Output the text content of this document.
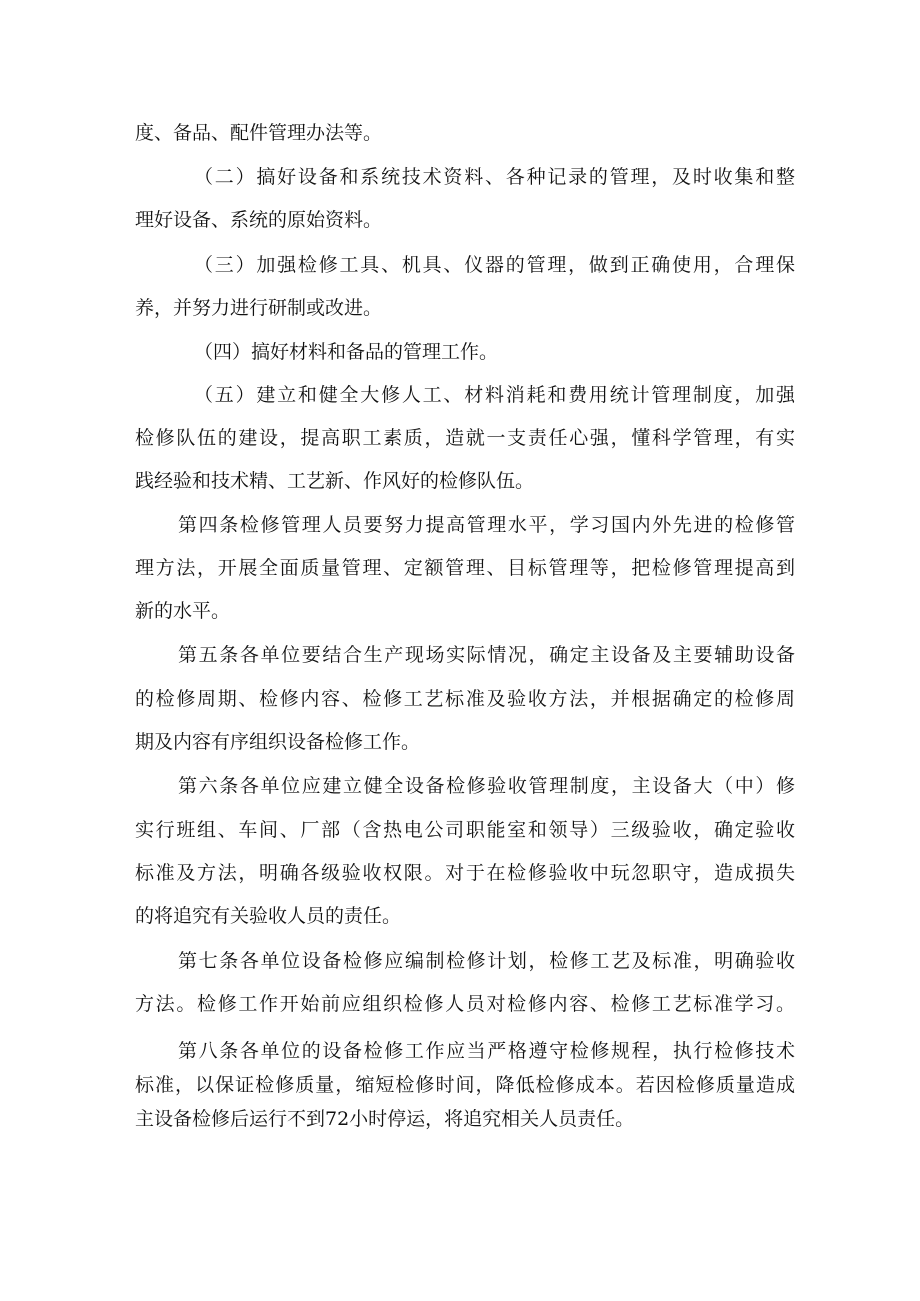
度、备品、配件管理办法等。
（二）搞好设备和系统技术资料、各种记录的管理，及时收集和整
理好设备、系统的原始资料。
（三）加强检修工具、机具、仪器的管理，做到正确使用，合理保
养，并努力进行研制或改进。
（四）搞好材料和备品的管理工作。
（五）建立和健全大修人工、材料消耗和费用统计管理制度，加强
检修队伍的建设，提高职工素质，造就一支责任心强，懂科学管理，有实
践经验和技术精、工艺新、作风好的检修队伍。
第四条检修管理人员要努力提高管理水平，学习国内外先进的检修管
理方法，开展全面质量管理、定额管理、目标管理等，把检修管理提高到
新的水平。
第五条各单位要结合生产现场实际情况，确定主设备及主要辅助设备
的检修周期、检修内容、检修工艺标准及验收方法，并根据确定的检修周
期及内容有序组织设备检修工作。
第六条各单位应建立健全设备检修验收管理制度，主设备大（中）修
实行班组、车间、厂部（含热电公司职能室和领导）三级验收，确定验收
标准及方法，明确各级验收权限。对于在检修验收中玩忽职守，造成损失
的将追究有关验收人员的责任。
第七条各单位设备检修应编制检修计划，检修工艺及标准，明确验收
方法。检修工作开始前应组织检修人员对检修内容、检修工艺标准学习。
第八条各单位的设备检修工作应当严格遵守检修规程，执行检修技术
标准，以保证检修质量，缩短检修时间，降低检修成本。若因检修质量造成
主设备检修后运行不到72小时停运，将追究相关人员责任。
